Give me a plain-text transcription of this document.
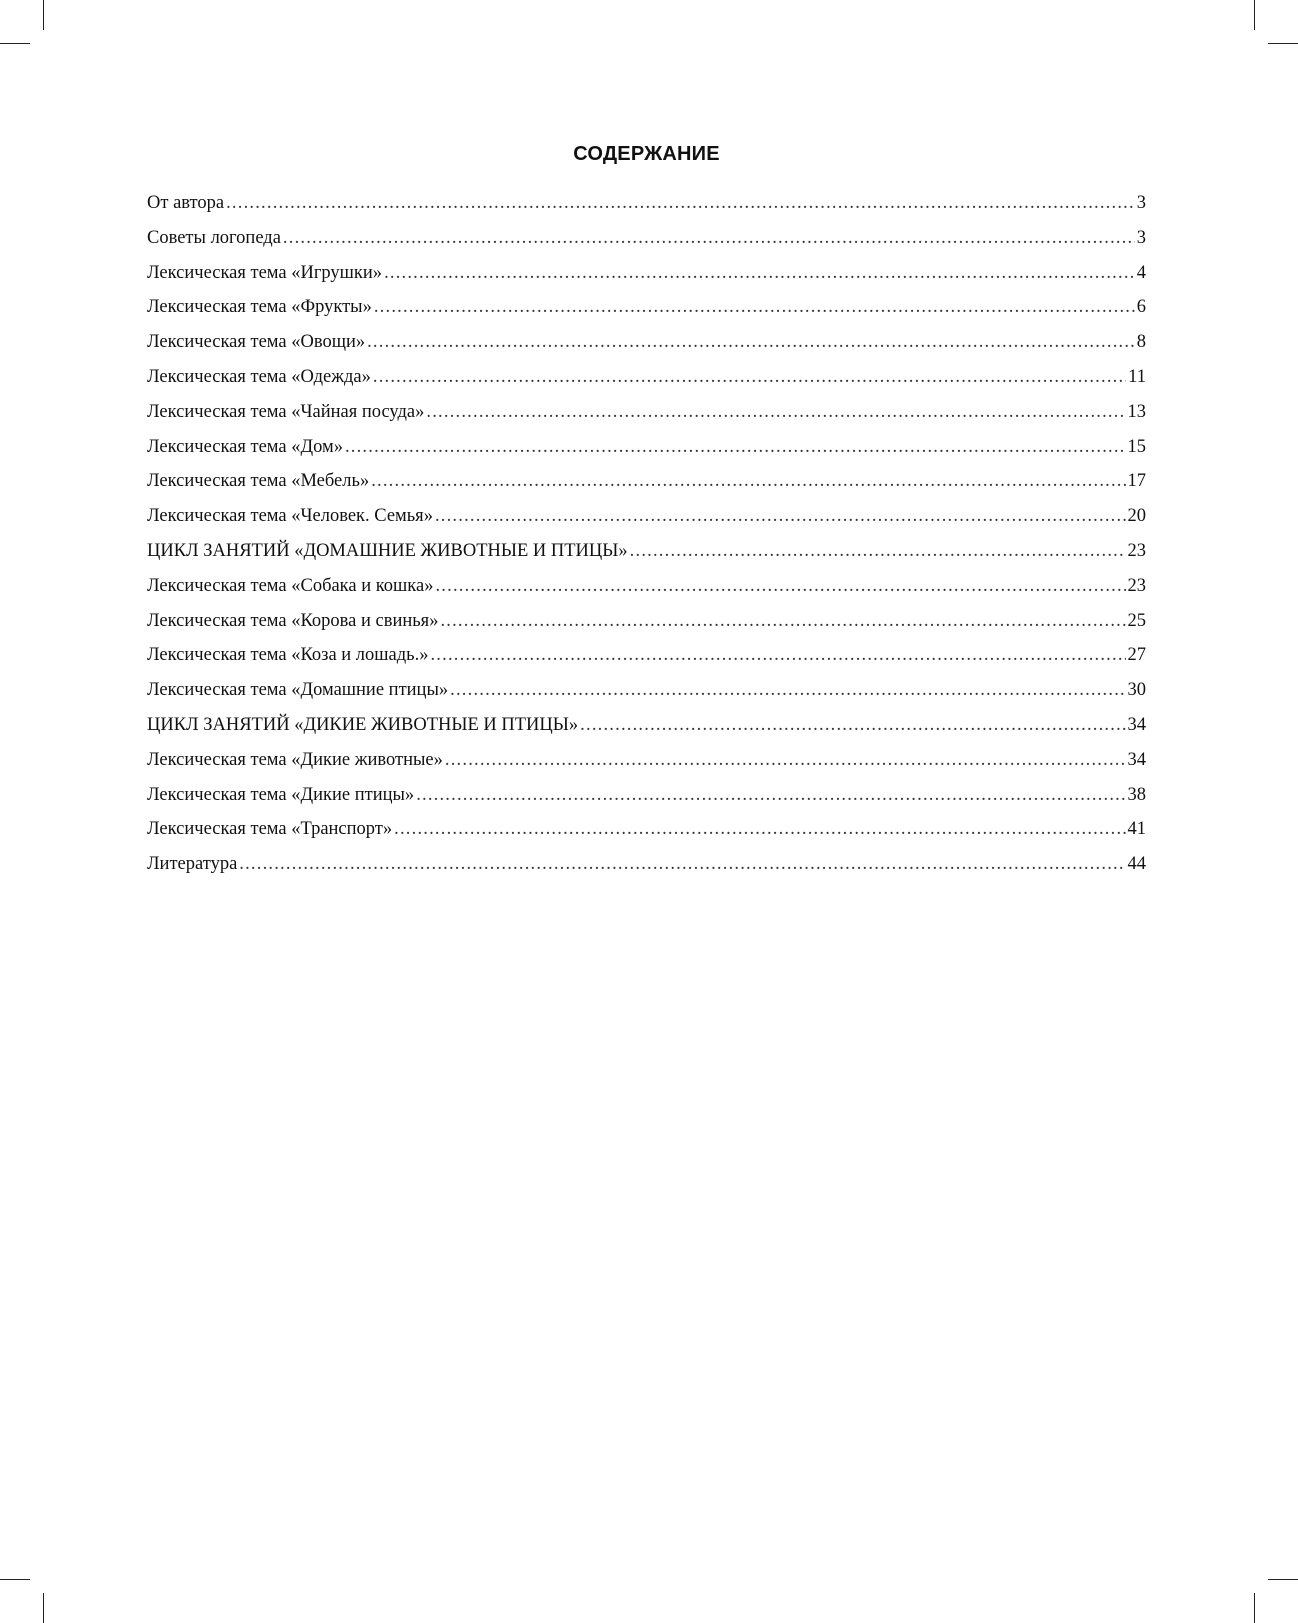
СОДЕРЖАНИЕ
От автора .....	3
Советы логопеда .....	3
Лексическая тема «Игрушки» .....	4
Лексическая тема «Фрукты» .....	6
Лексическая тема «Овощи» .....	8
Лексическая тема «Одежда» .....	11
Лексическая тема «Чайная посуда» .....	13
Лексическая тема «Дом» .....	15
Лексическая тема «Мебель» .....	17
Лексическая тема «Человек. Семья» .....	20
ЦИКЛ ЗАНЯТИЙ «ДОМАШНИЕ ЖИВОТНЫЕ И ПТИЦЫ» .....	23
Лексическая тема «Собака и кошка» .....	23
Лексическая тема «Корова и свинья» .....	25
Лексическая тема «Коза и лошадь.» .....	27
Лексическая тема «Домашние птицы» .....	30
ЦИКЛ ЗАНЯТИЙ «ДИКИЕ ЖИВОТНЫЕ И ПТИЦЫ» .....	34
Лексическая тема «Дикие животные» .....	34
Лексическая тема «Дикие птицы» .....	38
Лексическая тема «Транспорт» .....	41
Литература .....	44
